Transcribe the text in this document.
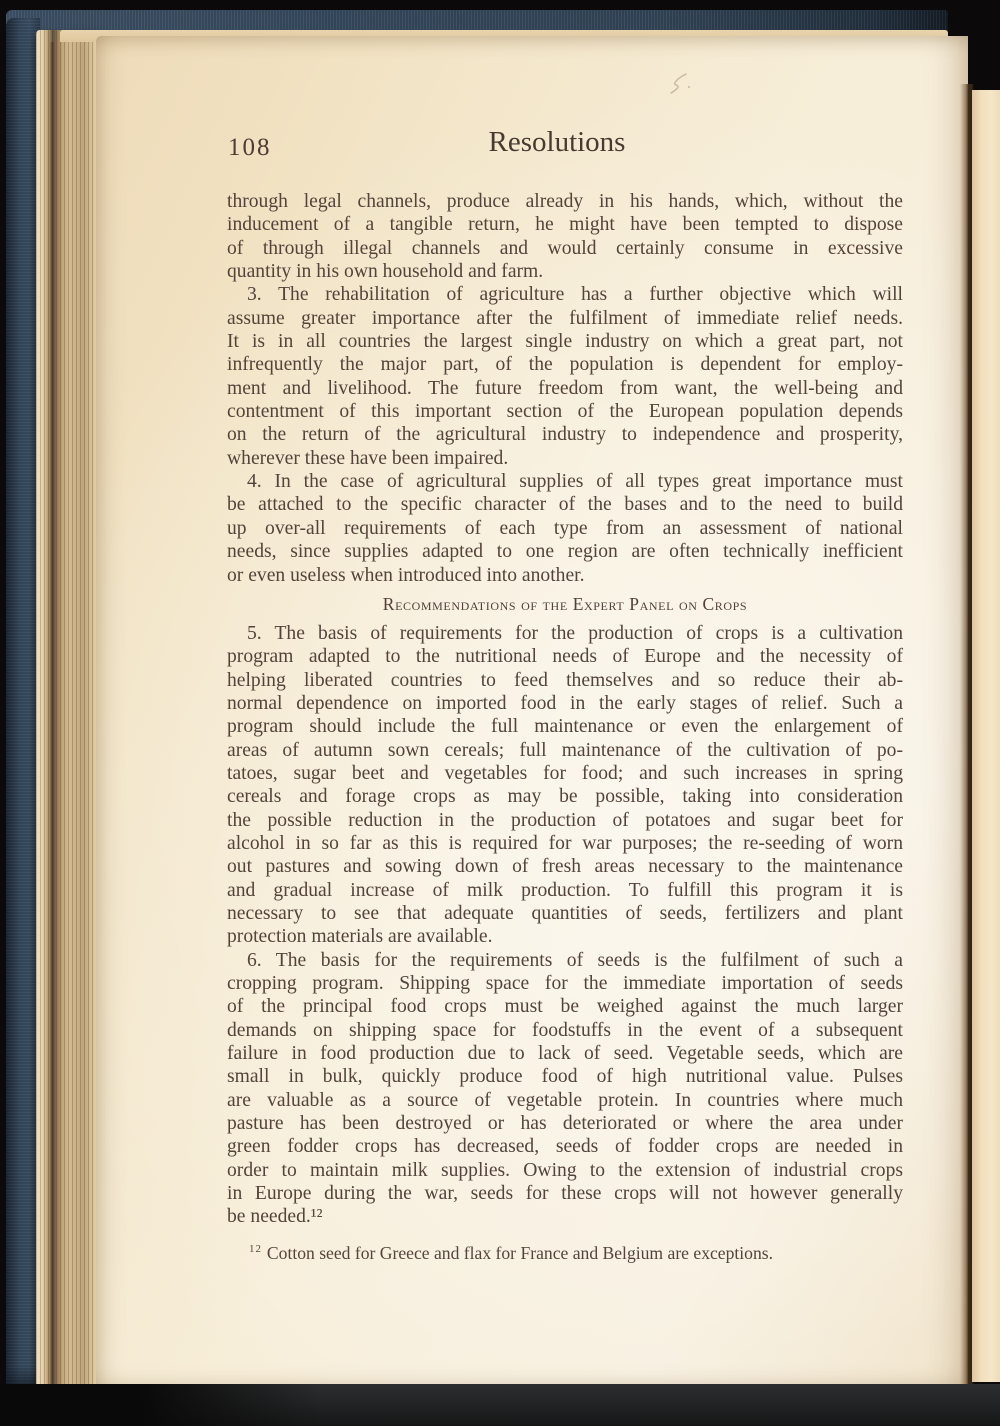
108	Resolutions
through legal channels, produce already in his hands, which, without the
inducement of a tangible return, he might have been tempted to dispose
of through illegal channels and would certainly consume in excessive
quantity in his own household and farm.
3. The rehabilitation of agriculture has a further objective which will
assume greater importance after the fulfilment of immediate relief needs.
It is in all countries the largest single industry on which a great part, not
infrequently the major part, of the population is dependent for employ-
ment and livelihood. The future freedom from want, the well-being and
contentment of this important section of the European population depends
on the return of the agricultural industry to independence and prosperity,
wherever these have been impaired.
4. In the case of agricultural supplies of all types great importance must
be attached to the specific character of the bases and to the need to build
up over-all requirements of each type from an assessment of national
needs, since supplies adapted to one region are often technically inefficient
or even useless when introduced into another.
Recommendations of the Expert Panel on Crops
5. The basis of requirements for the production of crops is a cultivation
program adapted to the nutritional needs of Europe and the necessity of
helping liberated countries to feed themselves and so reduce their ab-
normal dependence on imported food in the early stages of relief. Such a
program should include the full maintenance or even the enlargement of
areas of autumn sown cereals; full maintenance of the cultivation of po-
tatoes, sugar beet and vegetables for food; and such increases in spring
cereals and forage crops as may be possible, taking into consideration
the possible reduction in the production of potatoes and sugar beet for
alcohol in so far as this is required for war purposes; the re-seeding of worn
out pastures and sowing down of fresh areas necessary to the maintenance
and gradual increase of milk production. To fulfill this program it is
necessary to see that adequate quantities of seeds, fertilizers and plant
protection materials are available.
6. The basis for the requirements of seeds is the fulfilment of such a
cropping program. Shipping space for the immediate importation of seeds
of the principal food crops must be weighed against the much larger
demands on shipping space for foodstuffs in the event of a subsequent
failure in food production due to lack of seed. Vegetable seeds, which are
small in bulk, quickly produce food of high nutritional value. Pulses
are valuable as a source of vegetable protein. In countries where much
pasture has been destroyed or has deteriorated or where the area under
green fodder crops has decreased, seeds of fodder crops are needed in
order to maintain milk supplies. Owing to the extension of industrial crops
in Europe during the war, seeds for these crops will not however generally
be needed.¹²
$^{12}$ Cotton seed for Greece and flax for France and Belgium are exceptions.
